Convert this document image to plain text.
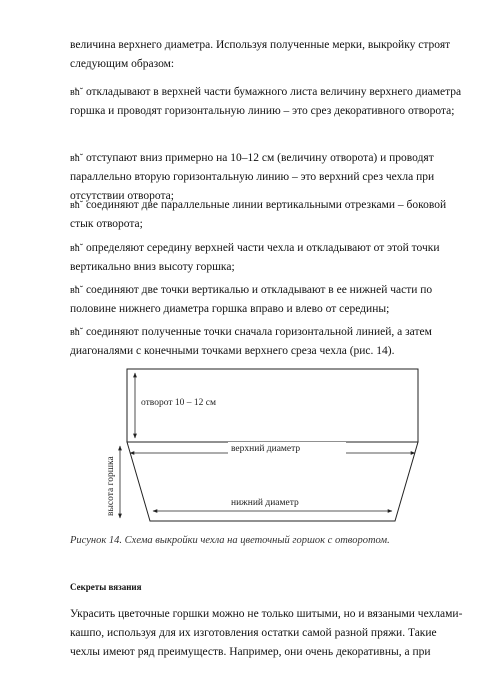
величина верхнего диаметра. Используя полученные мерки, выкройку строят следующим образом:

вћ˘ откладывают в верхней части бумажного листа величину верхнего диаметра горшка и проводят горизонтальную линию – это срез декоративного отворота;

вћ˘ отступают вниз примерно на 10–12 см (величину отворота) и проводят параллельно вторую горизонтальную линию – это верхний срез чехла при отсутствии отворота;

вћ˘ соединяют две параллельные линии вертикальными отрезками – боковой стык отворота;

вћ˘ определяют середину верхней части чехла и откладывают от этой точки вертикально вниз высоту горшка;

вћ˘ соединяют две точки вертикалью и откладывают в ее нижней части по половине нижнего диаметра горшка вправо и влево от середины;

вћ˘ соединяют полученные точки сначала горизонтальной линией, а затем диагоналями с конечными точками верхнего среза чехла (рис. 14).

отворот 10 – 12 см
верхний диаметр
высота горшка	нижний диаметр
Рисунок 14. Схема выкройки чехла на цветочный горшок с отворотом.
Секреты вязания

Украсить цветочные горшки можно не только шитыми, но и вязаными чехлами-кашпо, используя для их изготовления остатки самой разной пряжи. Такие чехлы имеют ряд преимуществ. Например, они очень декоративны, а при
